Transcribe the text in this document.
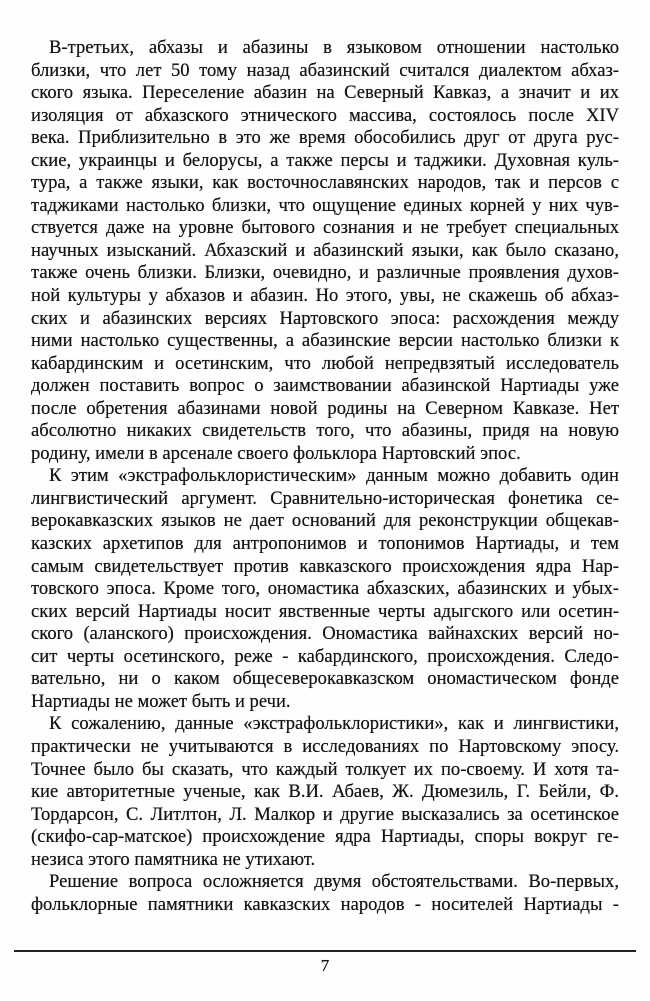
В-третьих, абхазы и абазины в языковом отношении настолько
близки, что лет 50 тому назад абазинский считался диалектом абхаз-
ского языка. Переселение абазин на Северный Кавказ, а значит и их
изоляция от абхазского этнического массива, состоялось после XIV
века. Приблизительно в это же время обособились друг от друга рус-
ские, украинцы и белорусы, а также персы и таджики. Духовная куль-
тура, а также языки, как восточнославянских народов, так и персов с
таджиками настолько близки, что ощущение единых корней у них чув-
ствуется даже на уровне бытового сознания и не требует специальных
научных изысканий. Абхазский и абазинский языки, как было сказано,
также очень близки. Близки, очевидно, и различные проявления духов-
ной культуры у абхазов и абазин. Но этого, увы, не скажешь об абхаз-
ских и абазинских версиях Нартовского эпоса: расхождения между
ними настолько существенны, а абазинские версии настолько близки к
кабардинским и осетинским, что любой непредвзятый исследователь
должен поставить вопрос о заимствовании абазинской Нартиады уже
после обретения абазинами новой родины на Северном Кавказе. Нет
абсолютно никаких свидетельств того, что абазины, придя на новую
родину, имели в арсенале своего фольклора Нартовский эпос.
К этим «экстрафольклористическим» данным можно добавить один
лингвистический аргумент. Сравнительно-историческая фонетика се-
верокавказских языков не дает оснований для реконструкции общекав-
казских архетипов для антропонимов и топонимов Нартиады, и тем
самым свидетельствует против кавказского происхождения ядра Нар-
товского эпоса. Кроме того, ономастика абхазских, абазинских и убых-
ских версий Нартиады носит явственные черты адыгского или осетин-
ского (аланского) происхождения. Ономастика вайнахских версий но-
сит черты осетинского, реже - кабардинского, происхождения. Следо-
вательно, ни о каком общесеверокавказском ономастическом фонде
Нартиады не может быть и речи.
К сожалению, данные «экстрафольклористики», как и лингвистики,
практически не учитываются в исследованиях по Нартовскому эпосу.
Точнее было бы сказать, что каждый толкует их по-своему. И хотя та-
кие авторитетные ученые, как В.И. Абаев, Ж. Дюмезиль, Г. Бейли, Ф.
Тордарсон, С. Литлтон, Л. Малкор и другие высказались за осетинское
(скифо-сар-матское) происхождение ядра Нартиады, споры вокруг ге-
незиса этого памятника не утихают.
Решение вопроса осложняется двумя обстоятельствами. Во-первых,
фольклорные памятники кавказских народов - носителей Нартиады -
7
